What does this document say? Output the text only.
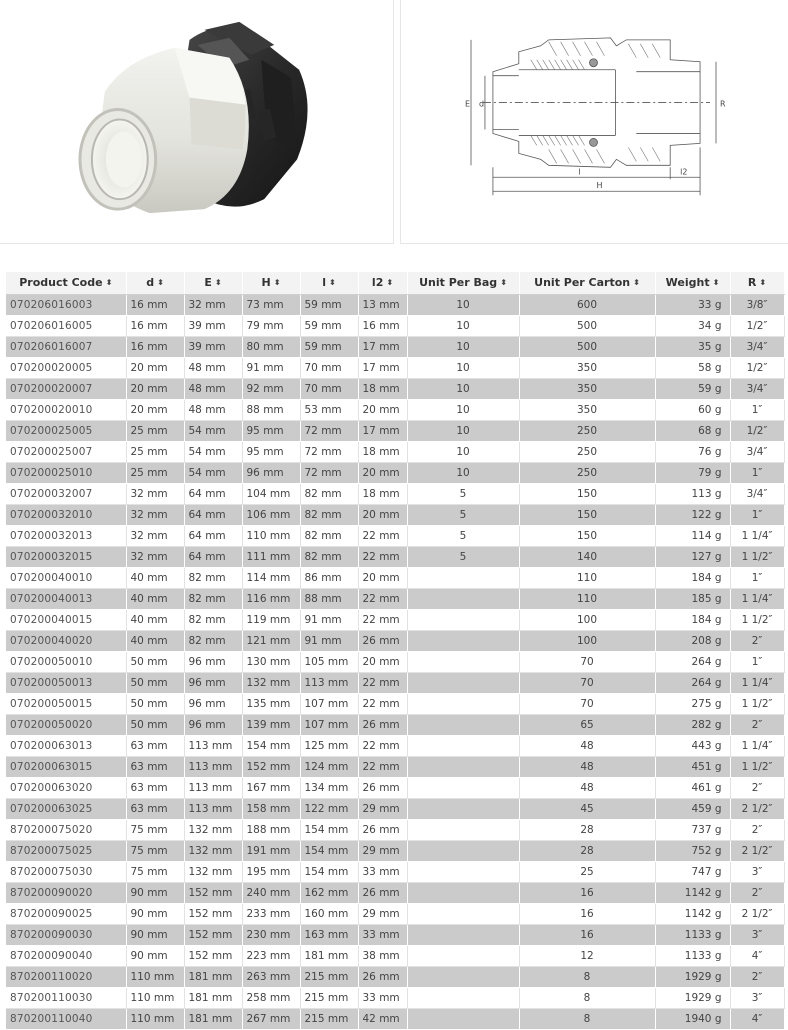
E d	R
l	l2
H
Product Code ⬍	d ⬍	E ⬍	H ⬍	l ⬍	l2 ⬍	Unit Per Bag ⬍	Unit Per Carton ⬍	Weight ⬍	R ⬍
070206016003	16 mm	32 mm	73 mm	59 mm	13 mm	10	600	33 g	3/8″
070206016005	16 mm	39 mm	79 mm	59 mm	16 mm	10	500	34 g	1/2″
070206016007	16 mm	39 mm	80 mm	59 mm	17 mm	10	500	35 g	3/4″
070200020005	20 mm	48 mm	91 mm	70 mm	17 mm	10	350	58 g	1/2″
070200020007	20 mm	48 mm	92 mm	70 mm	18 mm	10	350	59 g	3/4″
070200020010	20 mm	48 mm	88 mm	53 mm	20 mm	10	350	60 g	1″
070200025005	25 mm	54 mm	95 mm	72 mm	17 mm	10	250	68 g	1/2″
070200025007	25 mm	54 mm	95 mm	72 mm	18 mm	10	250	76 g	3/4″
070200025010	25 mm	54 mm	96 mm	72 mm	20 mm	10	250	79 g	1″
070200032007	32 mm	64 mm	104 mm	82 mm	18 mm	5	150	113 g	3/4″
070200032010	32 mm	64 mm	106 mm	82 mm	20 mm	5	150	122 g	1″
070200032013	32 mm	64 mm	110 mm	82 mm	22 mm	5	150	114 g	1 1/4″
070200032015	32 mm	64 mm	111 mm	82 mm	22 mm	5	140	127 g	1 1/2″
070200040010	40 mm	82 mm	114 mm	86 mm	20 mm		110	184 g	1″
070200040013	40 mm	82 mm	116 mm	88 mm	22 mm		110	185 g	1 1/4″
070200040015	40 mm	82 mm	119 mm	91 mm	22 mm		100	184 g	1 1/2″
070200040020	40 mm	82 mm	121 mm	91 mm	26 mm		100	208 g	2″
070200050010	50 mm	96 mm	130 mm	105 mm	20 mm		70	264 g	1″
070200050013	50 mm	96 mm	132 mm	113 mm	22 mm		70	264 g	1 1/4″
070200050015	50 mm	96 mm	135 mm	107 mm	22 mm		70	275 g	1 1/2″
070200050020	50 mm	96 mm	139 mm	107 mm	26 mm		65	282 g	2″
070200063013	63 mm	113 mm	154 mm	125 mm	22 mm		48	443 g	1 1/4″
070200063015	63 mm	113 mm	152 mm	124 mm	22 mm		48	451 g	1 1/2″
070200063020	63 mm	113 mm	167 mm	134 mm	26 mm		48	461 g	2″
070200063025	63 mm	113 mm	158 mm	122 mm	29 mm		45	459 g	2 1/2″
870200075020	75 mm	132 mm	188 mm	154 mm	26 mm		28	737 g	2″
870200075025	75 mm	132 mm	191 mm	154 mm	29 mm		28	752 g	2 1/2″
870200075030	75 mm	132 mm	195 mm	154 mm	33 mm		25	747 g	3″
870200090020	90 mm	152 mm	240 mm	162 mm	26 mm		16	1142 g	2″
870200090025	90 mm	152 mm	233 mm	160 mm	29 mm		16	1142 g	2 1/2″
870200090030	90 mm	152 mm	230 mm	163 mm	33 mm		16	1133 g	3″
870200090040	90 mm	152 mm	223 mm	181 mm	38 mm		12	1133 g	4″
870200110020	110 mm	181 mm	263 mm	215 mm	26 mm		8	1929 g	2″
870200110030	110 mm	181 mm	258 mm	215 mm	33 mm		8	1929 g	3″
870200110040	110 mm	181 mm	267 mm	215 mm	42 mm		8	1940 g	4″
